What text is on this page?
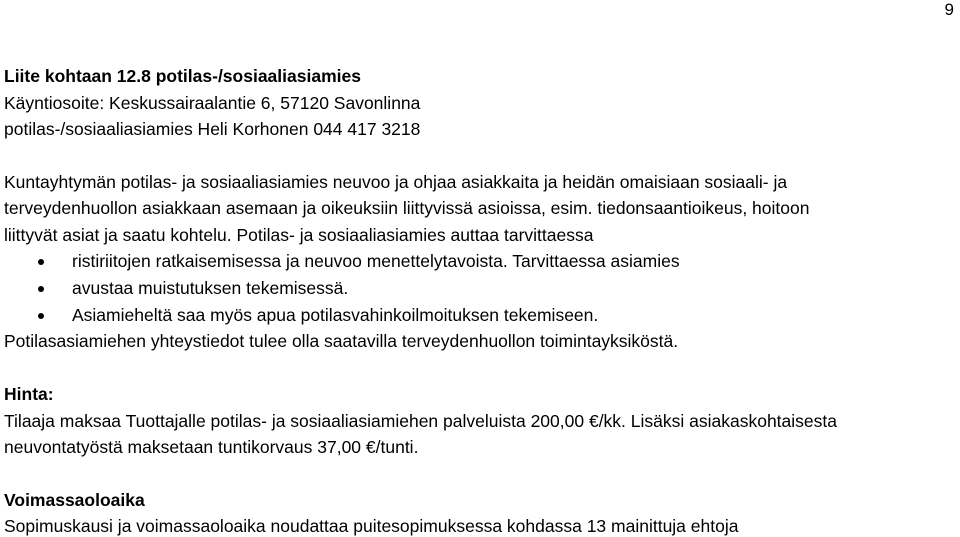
9
Liite kohtaan 12.8 potilas-/sosiaaliasiamies
Käyntiosoite: Keskussairaalantie 6, 57120 Savonlinna
potilas-/sosiaaliasiamies Heli Korhonen 044 417 3218
Kuntayhtymän potilas- ja sosiaaliasiamies neuvoo ja ohjaa asiakkaita ja heidän omaisiaan sosiaali- ja
terveydenhuollon asiakkaan asemaan ja oikeuksiin liittyvissä asioissa, esim. tiedonsaantioikeus, hoitoon
liittyvät asiat ja saatu kohtelu. Potilas- ja sosiaaliasiamies auttaa tarvittaessa
ristiriitojen ratkaisemisessa ja neuvoo menettelytavoista. Tarvittaessa asiamies
avustaa muistutuksen tekemisessä.
Asiamieheltä saa myös apua potilasvahinkoilmoituksen tekemiseen.
Potilasasiamiehen yhteystiedot tulee olla saatavilla terveydenhuollon toimintayksiköstä.
Hinta:
Tilaaja maksaa Tuottajalle potilas- ja sosiaaliasiamiehen palveluista 200,00 €/kk. Lisäksi asiakaskohtaisesta
neuvontatyöstä maksetaan tuntikorvaus 37,00 €/tunti.
Voimassaoloaika
Sopimuskausi ja voimassaoloaika noudattaa puitesopimuksessa kohdassa 13 mainittuja ehtoja
